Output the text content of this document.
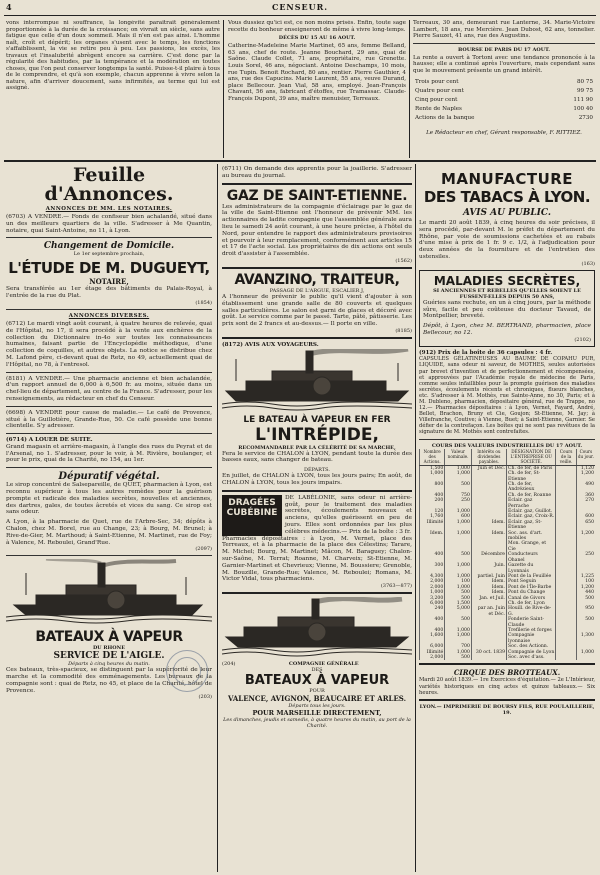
4	CENSEUR.
vons interrompue ni souffrance, la longévité paraîtrait généralement proportionnée à la durée de la croissance; on vivrait un siècle, sans autre fatigue que celle d'un doux sommeil. Mais il n'en est pas ainsi. L'homme naît, croît et dépérit; les organes s'usent avec le temps, les fonctions s'affaiblissent, la vie se retire peu à peu. Les passions, les excès, les travaux et l'insalubrité abrègent encore sa carrière. C'est donc par la régularité des habitudes, par la tempérance et la modération en toutes choses, que l'on peut conserver longtemps la santé. Puisse-t-il plaire à tous de le comprendre, et qu'à son exemple, chacun apprenne à vivre selon la nature, afin d'arriver doucement, sans infirmités, au terme qui lui est assigné.
Vous dussiez qu'ici est, ce non moins prisés. Enfin, toute sage recette du bonheur enseigneront de même à vivre long-temps.
DÉCÈS DU 15 AU 16 AOUT.
Catherine-Madeleine Marie Martinet, 65 ans, femme Belland, 63 ans, chef de route. Jeanne Bouchard, 29 ans, quai de Saône. Claude Collet, 71 ans, propriétaire, rue Grenette. Louis Sorel, 46 ans, négociant. Antoine Deschamps, 10 mois, rue Tupin. Benoit Rochard, 80 ans, rentier. Pierre Gauthier, 4 ans, rue des Capucins. Marie Laurent, 55 ans, veuve Durand, place Bellecour. Jean Vial, 58 ans, employé. Jean-François Chavant, 56 ans, fabricant d'étoffes, rue Tramassac. Claude-François Dupont, 39 ans, maître menuisier, Terreaux.
Terreaux, 30 ans, demeurant rue Lanterne, 34. Marie-Victoire Lambert, 18 ans, rue Mercière. Jean Dubost, 62 ans, tonnelier. Pierre Sauzet, 41 ans, rue des Augustins.
BOURSE DE PARIS DU 17 AOUT.
La rente a ouvert à Tortoni avec une tendance prononcée à la hausse; elle a continué après l'ouverture, mais cependant sans que le mouvement présente un grand intérêt.
Trois pour cent	80 75
Quatre pour cent	99 75
Cinq pour cent	111 90
Rente de Naples	100 40
Actions de la banque	2730
Le Rédacteur en chef, Gérant responsable, F. RITTIEZ.
Feuille d'Annonces.
ANNONCES DE MM. LES NOTAIRES.
(6703) A VENDRE.— Fonds de confiseur bien achalandé, situé dans un des meilleurs quartiers de la ville. S'adresser à Me Quantin, notaire, quai Saint-Antoine, no 11, à Lyon.
Changement de Domicile.
Le 1er septembre prochain,
L'ÉTUDE DE M. DUGUEYT,
NOTAIRE,
Sera transférée au 1er étage des bâtiments du Palais-Royal, à l'entrée de la rue du Plat.
(1854)
ANNONCES DIVERSES.
(6712) Le mardi vingt août courant, à quatre heures de relevée, quai de l'Hôpital, no 17, il sera procédé à la vente aux enchères de la collection du Dictionnaire in-4o sur toutes les connaissances humaines, faisant partie de l'Encyclopédie méthodique, d'une collection de coquilles, et autres objets. La notice se distribue chez M. Lafond père, ci-devant quai de Retz, no 49, actuellement quai de l'Hôpital, no 78, à l'entresol.
(8181) A VENDRE.— Une pharmacie ancienne et bien achalandée, d'un rapport annuel de 6,000 à 6,500 fr. au moins, située dans un chef-lieu de département, au centre de la France. S'adresser, pour les renseignements, au rédacteur en chef du Censeur.
(6698) A VENDRE pour cause de maladie.— Le café de Provence, situé à la Guillotière, Grande-Rue, 50. Ce café possède une bonne clientelle. S'y adresser.
(6714) A LOUER DE SUITE.
Grand magasin et arrière-magasin, à l'angle des rues du Peyrat et de l'Arsenal, no 1. S'adresser, pour le voir, à M. Rivière, boulanger, et pour le prix, quai de la Charité, no 154, au 1er.
Dépuratif végétal.
Le sirop concentré de Salsepareille, de QUET, pharmacien à Lyon, est reconnu supérieur à tous les autres remèdes pour la guérison prompte et radicale des maladies secrètes, nouvelles et anciennes, des dartres, gales, de toutes âcretés et vices du sang. Ce sirop est sans odeur.
A Lyon, à la pharmacie de Quet, rue de l'Arbre-Sec, 34; dépôts à Chalon, chez M. Borel, rue au Change, 23; à Bourg, M. Brunel; à Rive-de-Gier, M. Marthoud; à Saint-Etienne, M. Martinet, rue de Foy; à Valence, M. Rebouleі, Grand'Rue.
(2097)
BATEAUX À VAPEUR
DU RHONE
SERVICE DE L'AIGLE.
Départs à cinq heures du matin.
Ces bateaux, très-spacieux, se distinguent par la supériorité de leur marche et la commodité des emménagements. Les bureaux de la compagnie sont : quai de Retz, no 45, et place de la Charité, hôtel de Provence.
(203)
(6711) On demande des apprentis pour la joaillerie. S'adresser au bureau du journal.
GAZ DE SAINT-ETIENNE.
Les administrateurs de la compagnie d'éclairage par le gaz de la ville de Saint-Etienne ont l'honneur de prévenir MM. les actionnaires de ladite compagnie que l'assemblée générale aura lieu le samedi 24 août courant, à une heure précise, à l'hôtel du Nord, pour entendre le rapport des administrateurs provisoires et pourvoir à leur remplacement, conformément aux articles 15 et 17 de l'acte social. Les propriétaires de dix actions ont seuls droit d'assister à l'assemblée.
(1562)
AVANZINO, TRAITEUR,
PASSAGE DE L'ARGUE, ESCALIER J,
A l'honneur de prévenir le public qu'il vient d'ajouter à son établissement une grande salle de 80 couverts et quelques salles particulières. Le salon est garni de glaces et décoré avec goût. Le service comme par le passé. Tarte, pâté, pâtisserie. Les prix sont de 2 francs et au-dessus.— Il porte en ville.
(8185)
(8172) AVIS AUX VOYAGEURS.
LE BATEAU À VAPEUR EN FER
L'INTRÉPIDE,
RECOMMANDABLE PAR LA CÉLÉRITÉ DE SA MARCHE,
Fera le service de CHALON à LYON, pendant toute la durée des basses eaux, sans changer de bateau.
DÉPARTS.
En juillet, de CHALON à LYON, tous les jours pairs; En août, de CHALON à LYON, tous les jours impairs.
DRAGÉES CUBÉBINE
DE LABÉLONIE, sans odeur ni arrière-goût, pour le traitement des maladies secrètes, écoulements nouveaux et anciens, qu'elles guérissent en peu de jours. Elles sont ordonnées par les plus célèbres médecins.— Prix de la boîte : 3 fr.
Pharmacies dépositaires : à Lyon, M. Vernet, place des Terreaux, et à la pharmacie de la place des Célestins; Tarare, M. Michel; Bourg, M. Martinet; Mâcon, M. Baraguey; Chalon-sur-Saône, M. Terrat; Roanne, M. Charveix; St-Etienne, M. Garnier-Martinet et Chevrieux; Vienne, M. Boussiere; Grenoble, M. Bouzille, Grande-Rue; Valence, M. Rebouleі; Romans, M. Victor Vidal, tous pharmaciens.
(3763—877)
(204)	COMPAGNIE GÉNÉRALE
DES
BATEAUX À VAPEUR
POUR
VALENCE, AVIGNON, BEAUCAIRE ET ARLES.
Départs tous les jours.
POUR MARSEILLE DIRECTEMENT,
Les dimanches, jeudis et samedis, à quatre heures du matin, au port de la Charité.
MANUFACTURE
DES TABACS À LYON.
AVIS AU PUBLIC.
Le mardi 20 août 1839, à cinq heures du soir précises, il sera procédé, par-devant M. le préfet du département du Rhône, par voie de soumissions cachetées et au rabais d'une mise à prix de 1 fr. 9 c. 1/2, à l'adjudication pour deux années de la fourniture et de l'entretien des ustensiles.
(163)
MALADIES SECRÈTES,
SI ANCIENNES ET REBELLES QU'ELLES SOIENT LE FUSSENT-ELLES DEPUIS 50 ANS,
Guéries sans rechute, en un à cinq jours, par la méthode sûre, facile et peu coûteuse du docteur Tavaud, de Montpellier, breveté.
Dépôt, à Lyon, chez M. BERTRAND, pharmacien, place Bellecour, no 12.
(2102)
(912) Prix de la boîte de 36 capsules : 4 fr.
CAPSULES GÉLATINEUSES AU BAUME DE COPAHU PUR, LIQUIDE, sans odeur ni saveur, de MOTHES, seules autorisées par brevet d'invention et de perfectionnement et récompensées, et approuvées par l'Académie royale de médecine de Paris, comme seules infaillibles pour la prompte guérison des maladies secrètes, écoulements récents et chroniques, flueurs blanches, etc. S'adresser à M. Mothès, rue Sainte-Anne, no 30, Paris; et à M. Dubleno, pharmacien, dépositaire général, rue de Trappe, no 12.— Pharmacies dépositaires : à Lyon, Vernet, Fayard, André, Bellet, Brachon, Bruny et Cie, Goujon; St-Etienne, M. Jay; à Villefranche, Coutive; à Vienne, Buet; à Saint-Etienne, Garnier. Se défier de la contrefaçon. Les boîtes qui ne sont pas revêtues de la signature de M. Mothès sont contrefaites.
COURS DES VALEURS INDUSTRIELLES DU 17 AOUT.
Nombre des Actions.	Valeur nominale.	Intérêts ou dividendes payables.	DÉSIGNATION DE L'ENTREPRISE OU SOCIÉTÉ.	Cours de la veille.	Cours du jour.
1,500	1,000	Juin et Déc.	Ch. de fer, de Paris		1,120
1,000	1,000		Ch. de fer, St-Etienne		1,200
800	500		Ch. de fer, Andrézieux		490
400	750		Ch. de fer, Roanne		360
200	250		Éclair. gaz Perrache		270
120	1,000		Éclair. gaz, Guillot.		
1,760	600		Éclair. gaz, Croix-R.		600
Illimité	1,000	Idem.	Éclair. gaz, St-Étienne		650
Idem.	1,000	Idem.	Soc. ass. d'art. mobiles		1,200
			Mon. Grange, et Cie		
400	500	Décembre	Conducteurs Ohanel		250
300	1,000	Juin.	Gazette du Lyonnais		
4,300	1,000	partiel. Juin	Pont de la Feuillée		1,225
2,000	100	Idem.	Pont Seguin		100
2,000	1,000	Idem.	Pont de l'Île-Barbe		1,200
1,000	500	Idem.	Pont du Change		440
3,200	500	Jan. et Juil.	Canal de Givors		500
6,000	1,500		Ch. de fer, Lyon		
240	5,000	par an. Juin et Déc.	Houill. de Rive-de-G.		950
400	500		Fonderie Saint-Claude		500
400	1,000		Trefilerie et forges		
1,600	1,000		Compagnie lyonnaise		1,300
6,000	700		Soc. des Actionn.		
Illimité	1,000	30 oct. 1839	Compagnie de Lyon		1,000
2,000	500		Soc. avec d'ass.		
CIRQUE DES BROTTEAUX.
Mardi 20 août 1839.— 1re Exercices d'équitation.— 2e L'Intérieur, variétés historiques en cinq actes et quinze tableaux.— Six heures.
LYON.— IMPRIMERIE DE BOURSY FILS, RUE POULAILLERIE, 19.
